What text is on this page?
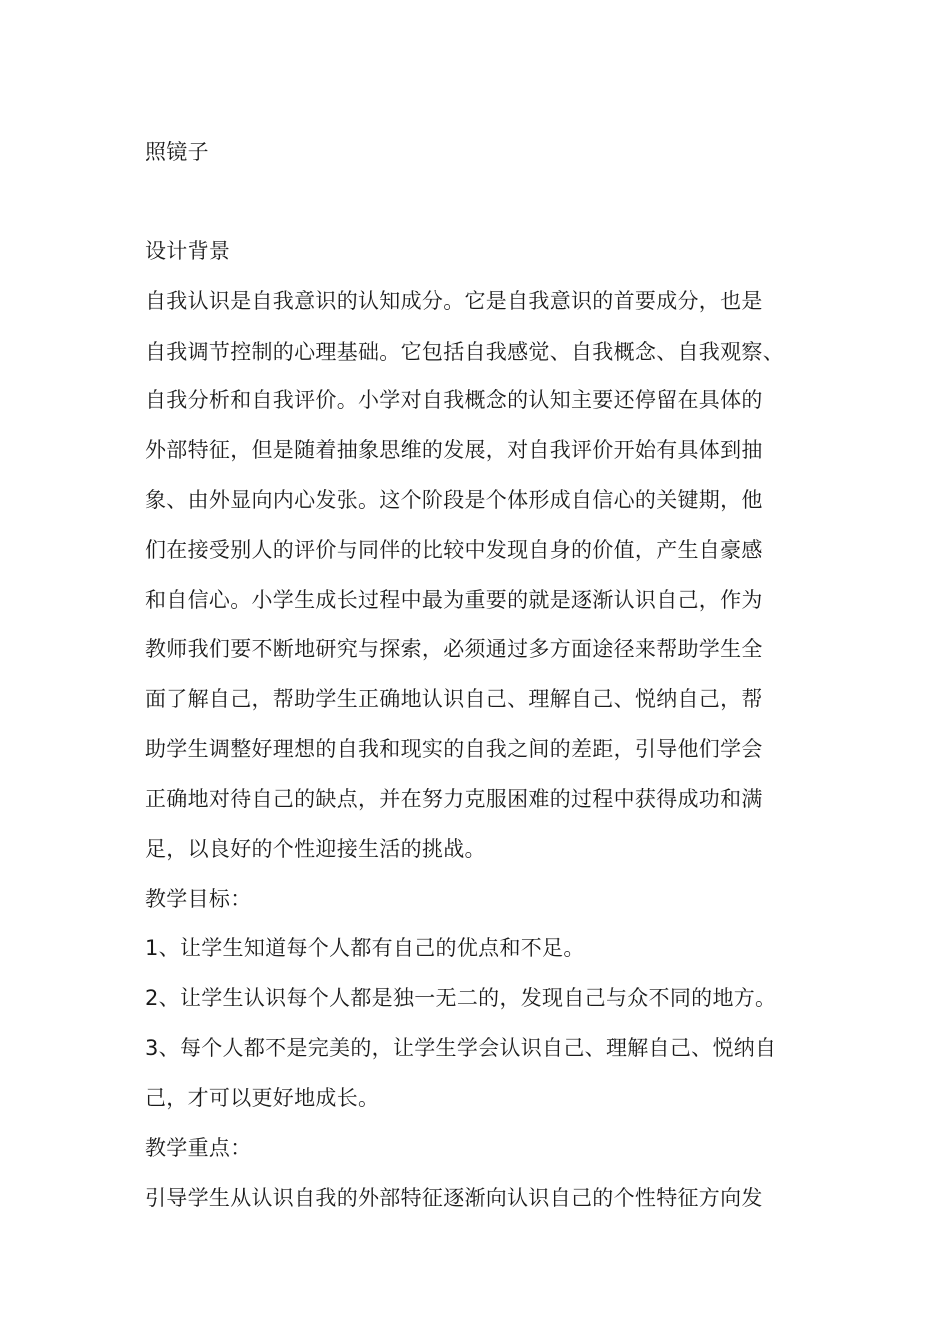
照镜子
设计背景
自我认识是自我意识的认知成分。它是自我意识的首要成分，也是
自我调节控制的心理基础。它包括自我感觉、自我概念、自我观察、
自我分析和自我评价。小学对自我概念的认知主要还停留在具体的
外部特征，但是随着抽象思维的发展，对自我评价开始有具体到抽
象、由外显向内心发张。这个阶段是个体形成自信心的关键期，他
们在接受别人的评价与同伴的比较中发现自身的价值，产生自豪感
和自信心。小学生成长过程中最为重要的就是逐渐认识自己，作为
教师我们要不断地研究与探索，必须通过多方面途径来帮助学生全
面了解自己，帮助学生正确地认识自己、理解自己、悦纳自己，帮
助学生调整好理想的自我和现实的自我之间的差距，引导他们学会
正确地对待自己的缺点，并在努力克服困难的过程中获得成功和满
足，以良好的个性迎接生活的挑战。
教学目标：
1、让学生知道每个人都有自己的优点和不足。
2、让学生认识每个人都是独一无二的，发现自己与众不同的地方。
3、每个人都不是完美的，让学生学会认识自己、理解自己、悦纳自
己，才可以更好地成长。
教学重点：
引导学生从认识自我的外部特征逐渐向认识自己的个性特征方向发
